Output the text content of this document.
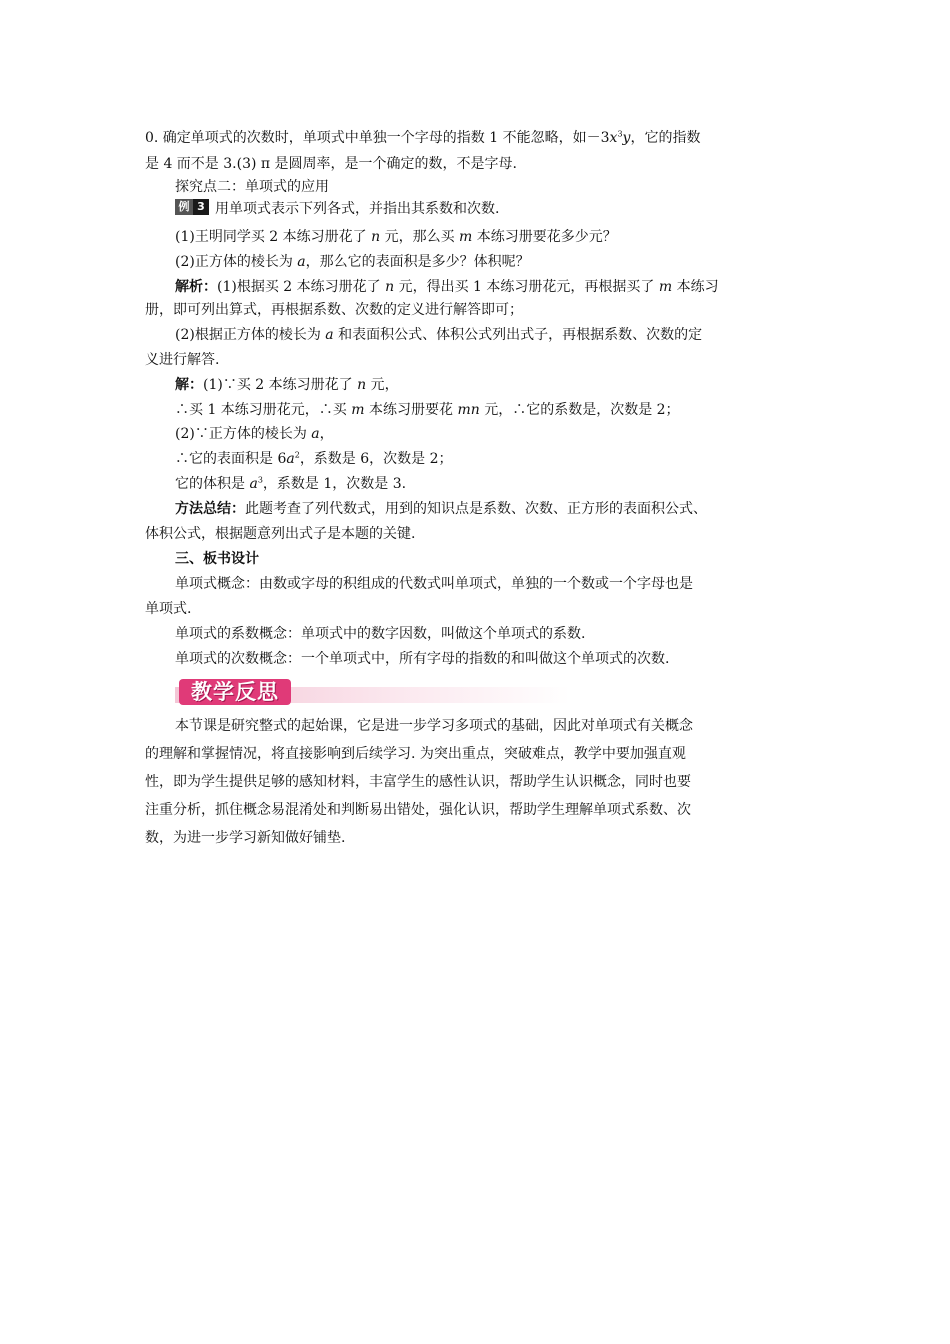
0. 确定单项式的次数时，单项式中单独一个字母的指数 1 不能忽略，如$-3x^3y$，它的指数
是 4 而不是 3.(3) π 是圆周率，是一个确定的数，不是字母.
探究点二：单项式的应用
例 3 用单项式表示下列各式，并指出其系数和次数.
(1)王明同学买 2 本练习册花了 n 元，那么买 m 本练习册要花多少元？
(2)正方体的棱长为 a，那么它的表面积是多少？体积呢？
解析：(1)根据买 2 本练习册花了 n 元，得出买 1 本练习册花元，再根据买了 m 本练习
册，即可列出算式，再根据系数、次数的定义进行解答即可；
(2)根据正方体的棱长为 a 和表面积公式、体积公式列出式子，再根据系数、次数的定
义进行解答.
解：(1)∵买 2 本练习册花了 n 元，
∴买 1 本练习册花元，∴买 m 本练习册要花 mn 元，∴它的系数是，次数是 2；
(2)∵正方体的棱长为 a，
∴它的表面积是 $6a^2$，系数是 6，次数是 2；
它的体积是 $a^3$，系数是 1，次数是 3.
方法总结：此题考查了列代数式，用到的知识点是系数、次数、正方形的表面积公式、
体积公式，根据题意列出式子是本题的关键.
三、板书设计
单项式概念：由数或字母的积组成的代数式叫单项式，单独的一个数或一个字母也是
单项式.
单项式的系数概念：单项式中的数字因数，叫做这个单项式的系数.
单项式的次数概念：一个单项式中，所有字母的指数的和叫做这个单项式的次数.
教学反思
本节课是研究整式的起始课，它是进一步学习多项式的基础，因此对单项式有关概念
的理解和掌握情况，将直接影响到后续学习. 为突出重点，突破难点，教学中要加强直观
性，即为学生提供足够的感知材料，丰富学生的感性认识，帮助学生认识概念，同时也要
注重分析，抓住概念易混淆处和判断易出错处，强化认识，帮助学生理解单项式系数、次
数，为进一步学习新知做好铺垫.
